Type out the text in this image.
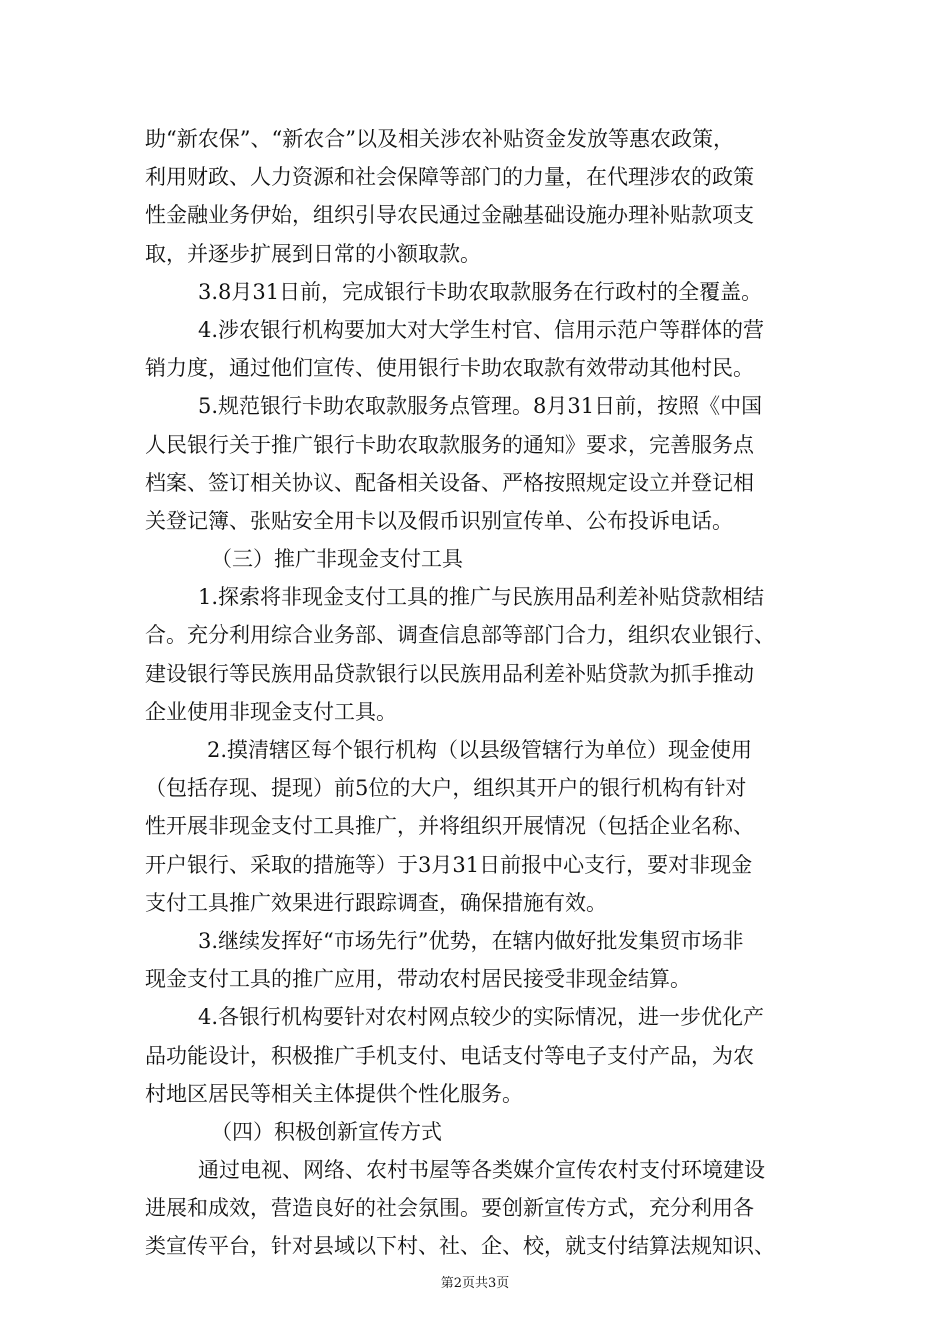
助“新农保”、“新农合”以及相关涉农补贴资金发放等惠农政策，
利用财政、人力资源和社会保障等部门的力量，在代理涉农的政策
性金融业务伊始，组织引导农民通过金融基础设施办理补贴款项支
取，并逐步扩展到日常的小额取款。
3.8月31日前，完成银行卡助农取款服务在行政村的全覆盖。
4.涉农银行机构要加大对大学生村官、信用示范户等群体的营
销力度，通过他们宣传、使用银行卡助农取款有效带动其他村民。
5.规范银行卡助农取款服务点管理。8月31日前，按照《中国
人民银行关于推广银行卡助农取款服务的通知》要求，完善服务点
档案、签订相关协议、配备相关设备、严格按照规定设立并登记相
关登记簿、张贴安全用卡以及假币识别宣传单、公布投诉电话。
（三）推广非现金支付工具
1.探索将非现金支付工具的推广与民族用品利差补贴贷款相结
合。充分利用综合业务部、调查信息部等部门合力，组织农业银行、
建设银行等民族用品贷款银行以民族用品利差补贴贷款为抓手推动
企业使用非现金支付工具。
2.摸清辖区每个银行机构（以县级管辖行为单位）现金使用
（包括存现、提现）前5位的大户，组织其开户的银行机构有针对
性开展非现金支付工具推广，并将组织开展情况（包括企业名称、
开户银行、采取的措施等）于3月31日前报中心支行，要对非现金
支付工具推广效果进行跟踪调查，确保措施有效。
3.继续发挥好“市场先行”优势，在辖内做好批发集贸市场非
现金支付工具的推广应用，带动农村居民接受非现金结算。
4.各银行机构要针对农村网点较少的实际情况，进一步优化产
品功能设计，积极推广手机支付、电话支付等电子支付产品，为农
村地区居民等相关主体提供个性化服务。
（四）积极创新宣传方式
通过电视、网络、农村书屋等各类媒介宣传农村支付环境建设
进展和成效，营造良好的社会氛围。要创新宣传方式，充分利用各
类宣传平台，针对县域以下村、社、企、校，就支付结算法规知识、
第2页共3页
